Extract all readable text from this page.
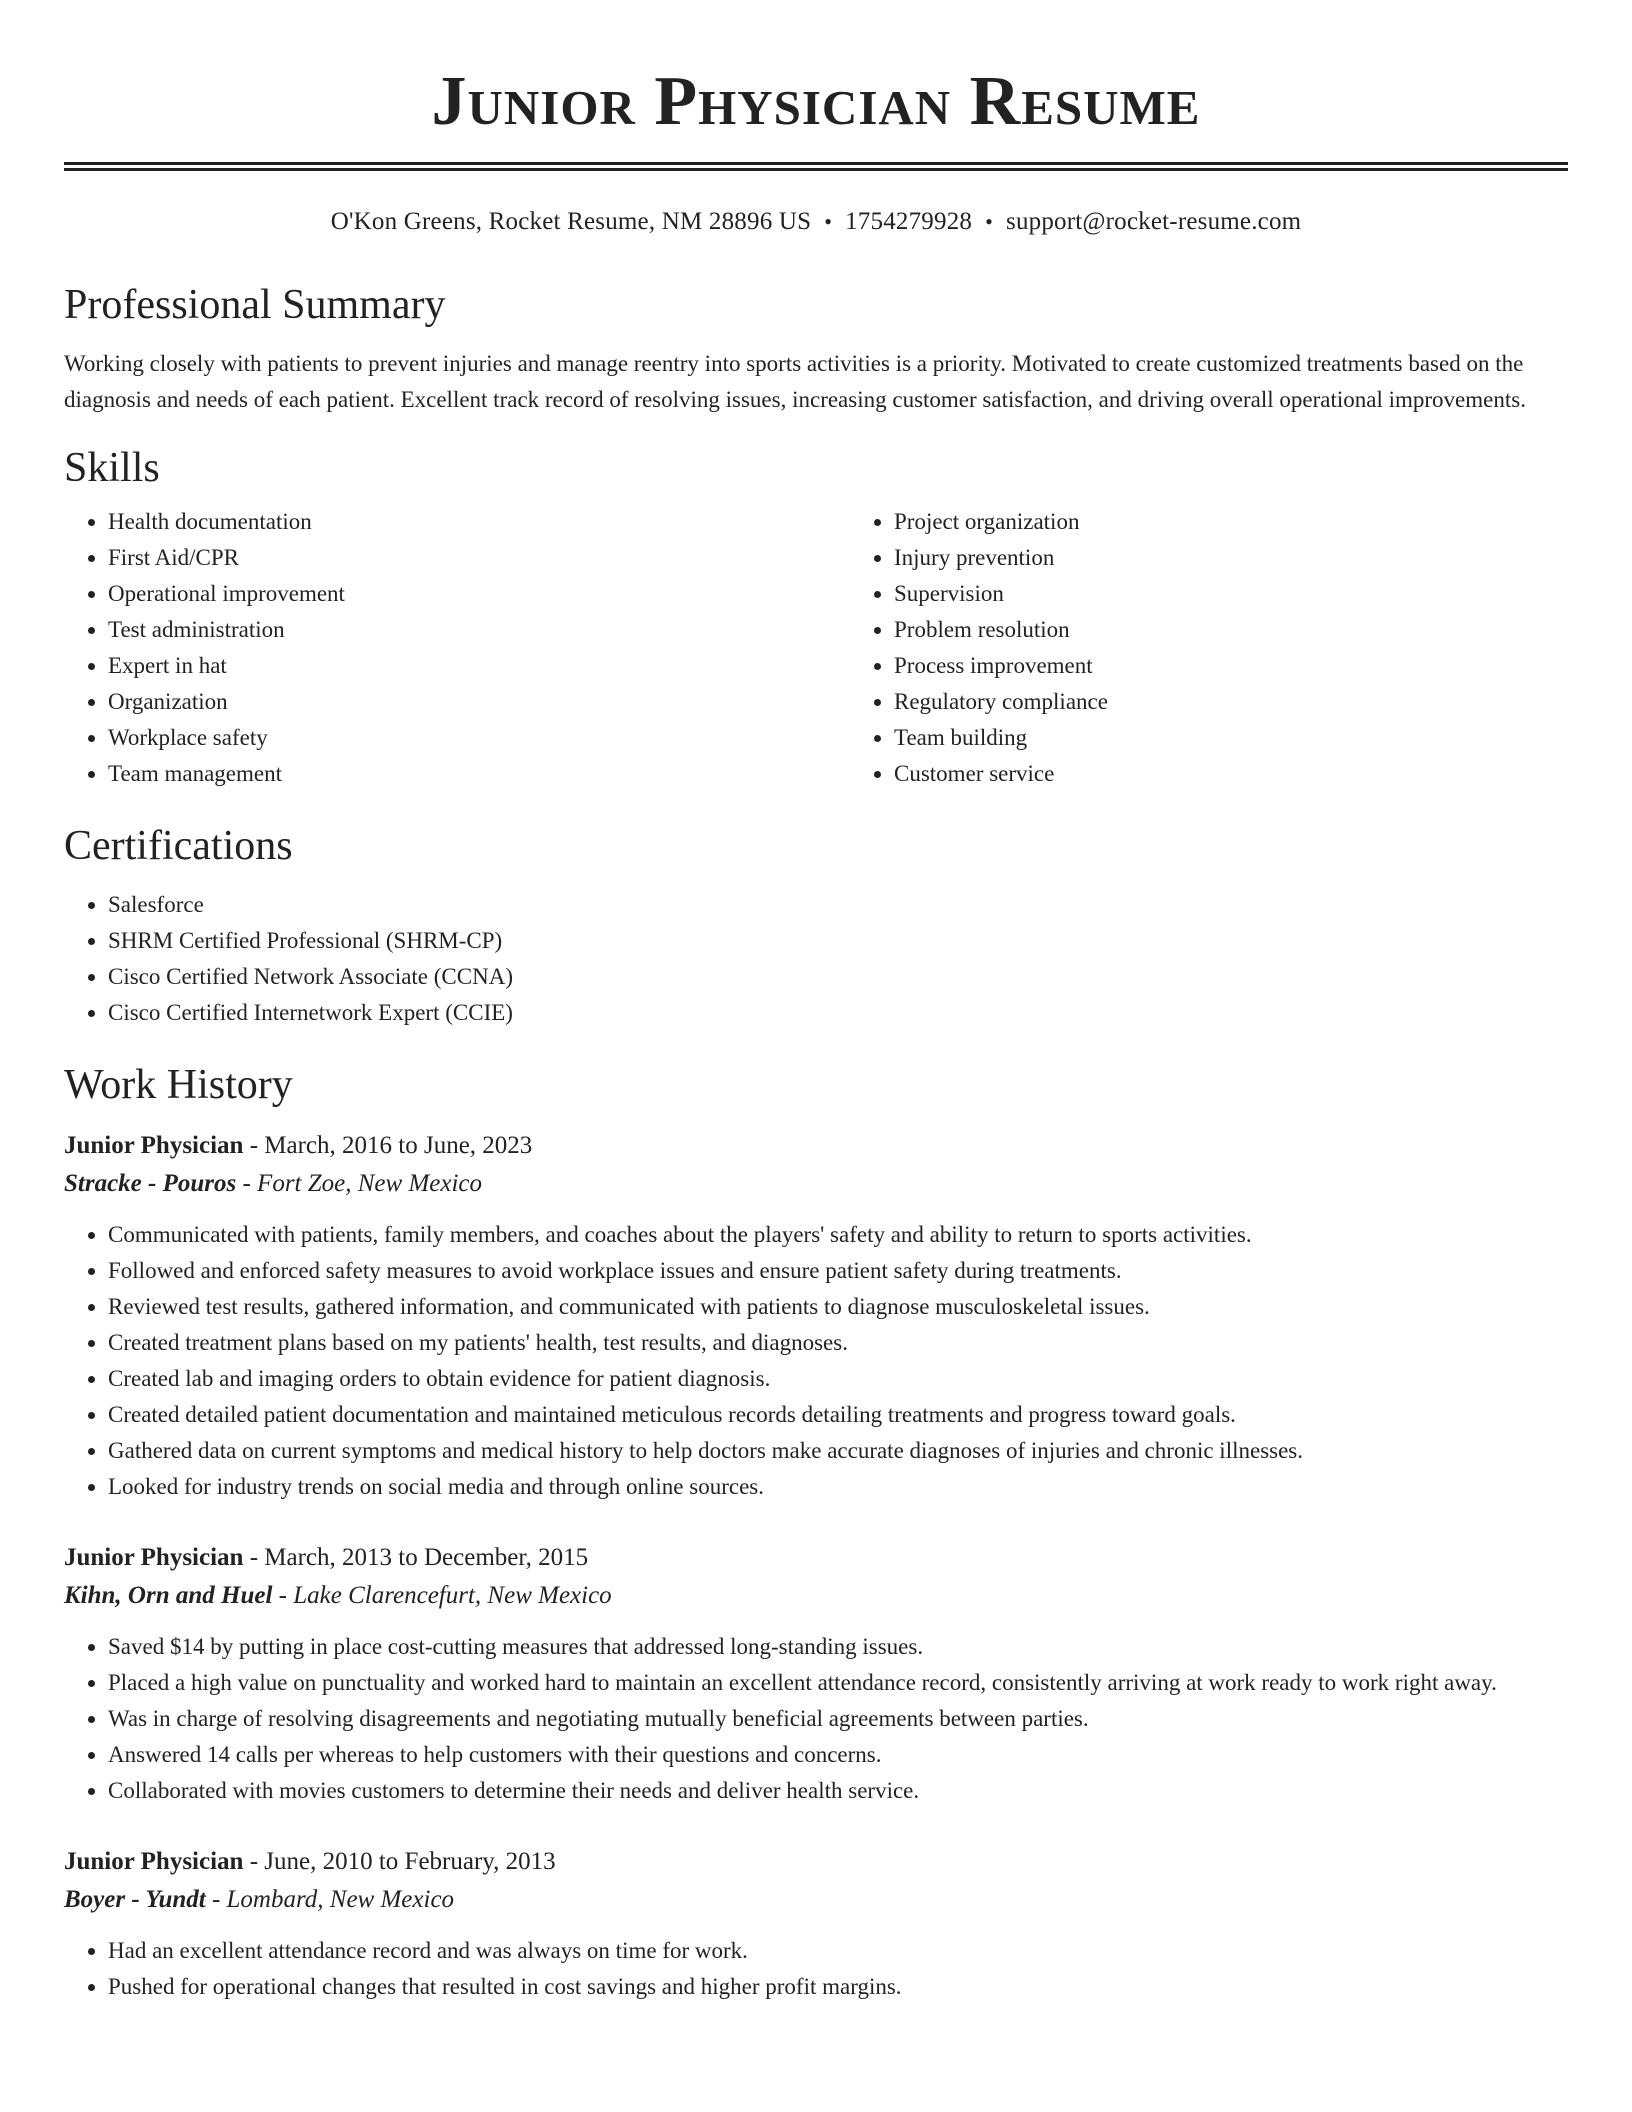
Junior Physician Resume
O'Kon Greens, Rocket Resume, NM 28896 US • 1754279928 • support@rocket-resume.com
Professional Summary
Working closely with patients to prevent injuries and manage reentry into sports activities is a priority. Motivated to create customized treatments based on the diagnosis and needs of each patient. Excellent track record of resolving issues, increasing customer satisfaction, and driving overall operational improvements.
Skills
• Health documentation
• First Aid/CPR
• Operational improvement
• Test administration
• Expert in hat
• Organization
• Workplace safety
• Team management
• Project organization
• Injury prevention
• Supervision
• Problem resolution
• Process improvement
• Regulatory compliance
• Team building
• Customer service
Certifications
• Salesforce
• SHRM Certified Professional (SHRM-CP)
• Cisco Certified Network Associate (CCNA)
• Cisco Certified Internetwork Expert (CCIE)
Work History
Junior Physician - March, 2016 to June, 2023
Stracke - Pouros - Fort Zoe, New Mexico
• Communicated with patients, family members, and coaches about the players' safety and ability to return to sports activities.
• Followed and enforced safety measures to avoid workplace issues and ensure patient safety during treatments.
• Reviewed test results, gathered information, and communicated with patients to diagnose musculoskeletal issues.
• Created treatment plans based on my patients' health, test results, and diagnoses.
• Created lab and imaging orders to obtain evidence for patient diagnosis.
• Created detailed patient documentation and maintained meticulous records detailing treatments and progress toward goals.
• Gathered data on current symptoms and medical history to help doctors make accurate diagnoses of injuries and chronic illnesses.
• Looked for industry trends on social media and through online sources.
Junior Physician - March, 2013 to December, 2015
Kihn, Orn and Huel - Lake Clarencefurt, New Mexico
• Saved $14 by putting in place cost-cutting measures that addressed long-standing issues.
• Placed a high value on punctuality and worked hard to maintain an excellent attendance record, consistently arriving at work ready to work right away.
• Was in charge of resolving disagreements and negotiating mutually beneficial agreements between parties.
• Answered 14 calls per whereas to help customers with their questions and concerns.
• Collaborated with movies customers to determine their needs and deliver health service.
Junior Physician - June, 2010 to February, 2013
Boyer - Yundt - Lombard, New Mexico
• Had an excellent attendance record and was always on time for work.
• Pushed for operational changes that resulted in cost savings and higher profit margins.
